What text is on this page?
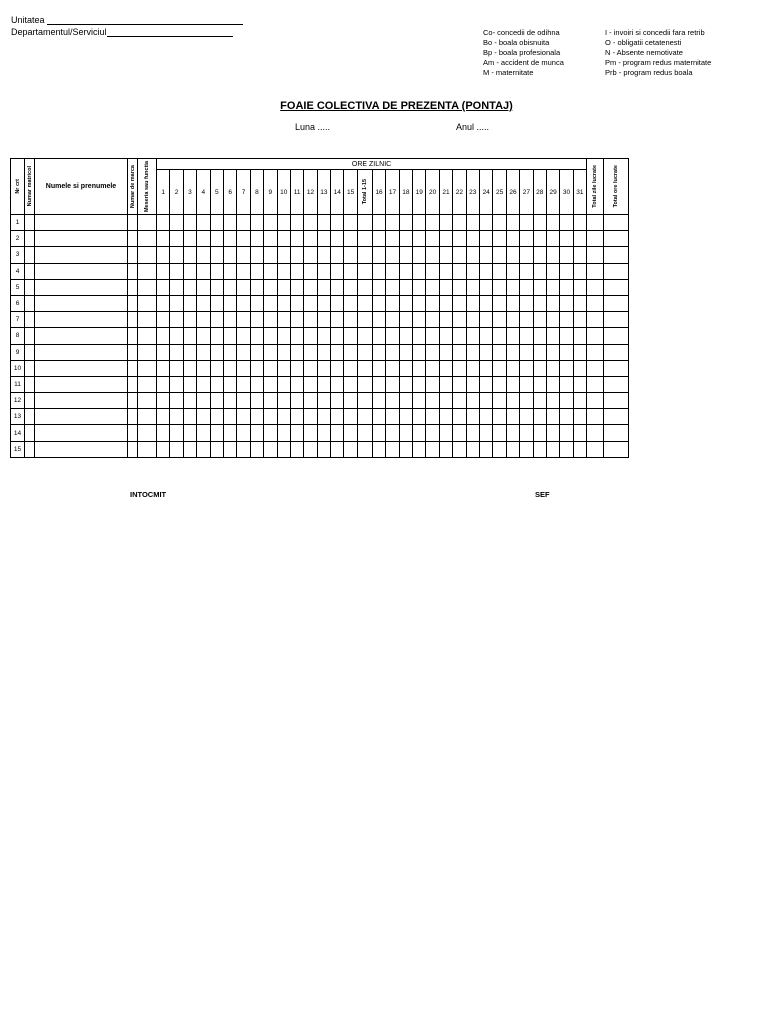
Unitatea
Departamentul/Serviciul	Co- concedii de odihna
Bo - boala obisnuita
Bp - boala profesionala
Am - accident de munca
M - maternitate
I - invoiri si concedii fara retrib
O - obligatii cetatenesti
N - Absente nemotivate
Pm - program redus maternitate
Prb - program redus boala
FOAIE COLECTIVA DE PREZENTA (PONTAJ)
Luna .....	Anul .....
Nr crt	Numar matricol	Numele si prenumele	Numar de marca	Meseria sau functia	ORE ZILNIC																																Total zile lucrate	Total ore lucrate

					1	2	3	4	5	6	7	8	9	10	11	12	13	14	15	Total 1-15	16	17	18	19	20	21	22	23	24	25	26	27	28	29	30	31		
1																																						
2																																						
3																																						
4																																						
5																																						
6																																						
7																																						
8																																						
9																																						
10																																						
11																																						
12																																						
13																																						
14																																						
15																																						
INTOCMIT	SEF
